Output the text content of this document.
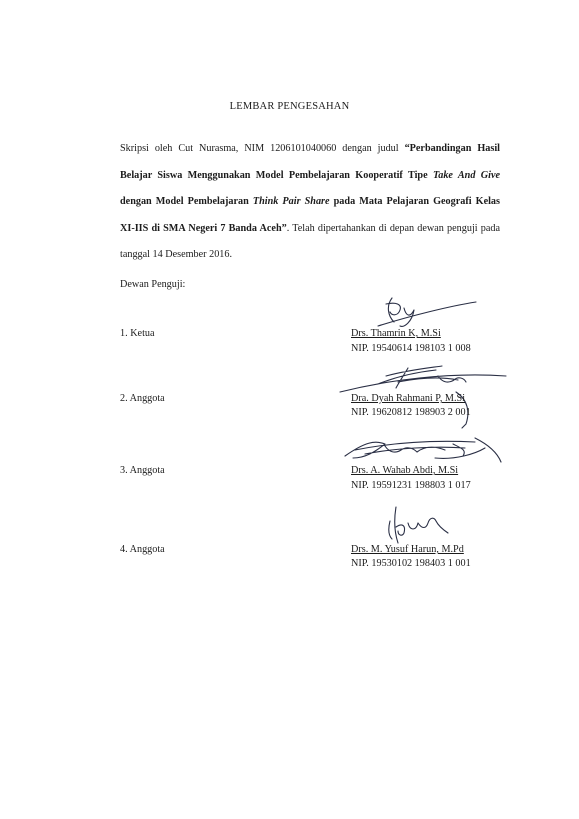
LEMBAR PENGESAHAN
Skripsi oleh Cut Nurasma, NIM 1206101040060 dengan judul “Perbandingan Hasil Belajar Siswa Menggunakan Model Pembelajaran Kooperatif Tipe Take And Give dengan Model Pembelajaran Think Pair Share pada Mata Pelajaran Geografi Kelas XI-IIS di SMA Negeri 7 Banda Aceh”. Telah dipertahankan di depan dewan penguji pada tanggal 14 Desember 2016.
Dewan Penguji:
1. Ketua	Drs. Thamrin K, M.Si
NIP. 19540614 198103 1 008
2. Anggota	Dra. Dyah Rahmani P, M.Si
NIP. 19620812 198903 2 001
3. Anggota	Drs. A. Wahab Abdi, M.Si
NIP. 19591231 198803 1 017
4. Anggota	Drs. M. Yusuf Harun, M.Pd
NIP. 19530102 198403 1 001
